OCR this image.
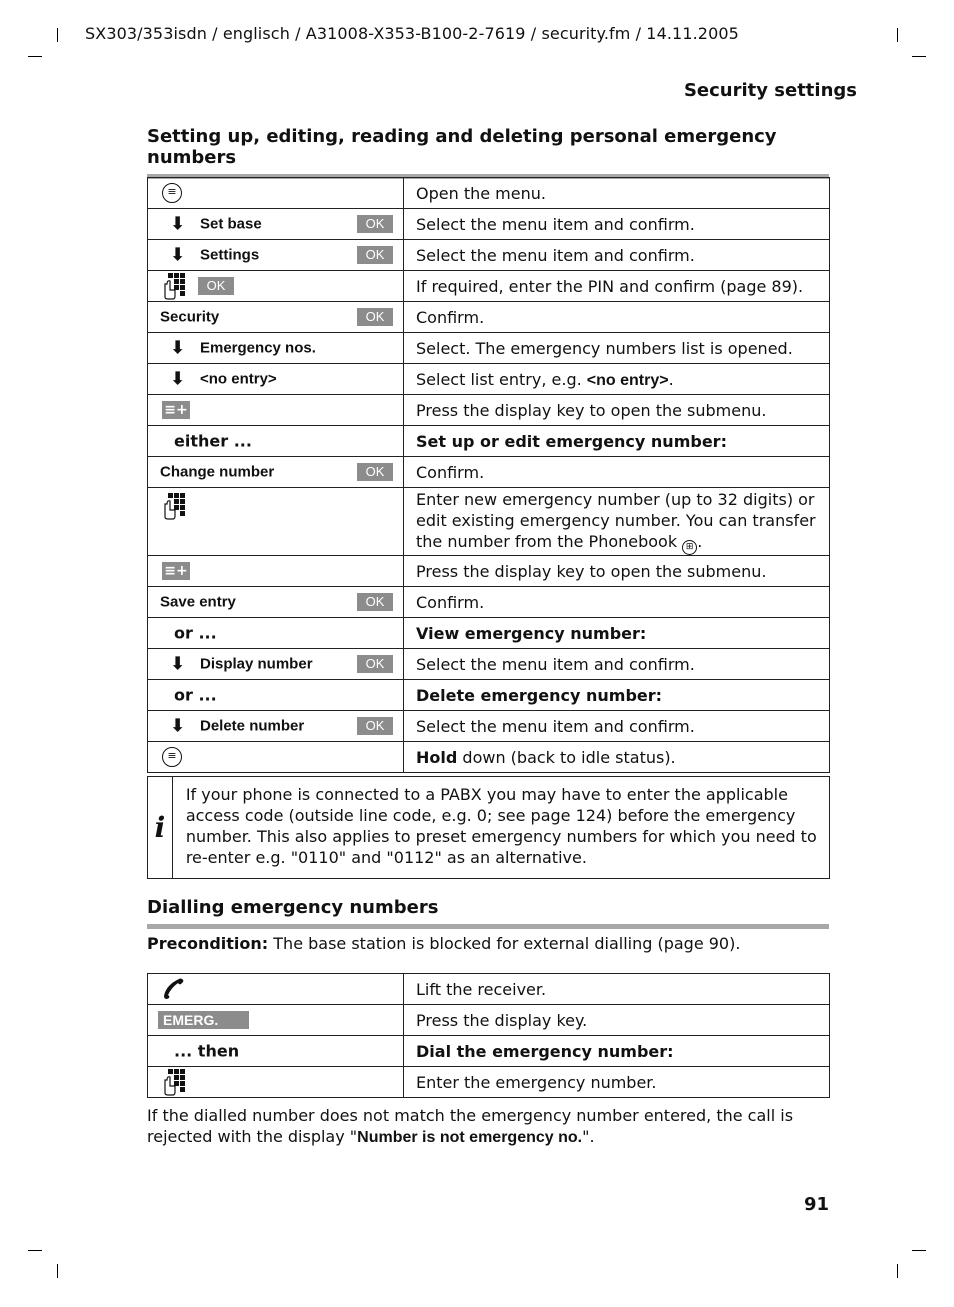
SX303/353isdn / englisch / A31008-X353-B100-2-7619 / security.fm / 14.11.2005
Security settings
Setting up, editing, reading and deleting personal emergency numbers
≡	Open the menu.

⬇ Set base OK	Select the menu item and confirm.

⬇ Settings OK	Select the menu item and confirm.

OK	If required, enter the PIN and confirm (page 89).

Security OK	Confirm.

⬇ Emergency nos.	Select. The emergency numbers list is opened.

⬇ <no entry>	Select list entry, e.g. <no entry>.

≡+	Press the display key to open the submenu.

either ...	Set up or edit emergency number:

Change number OK	Confirm.

	Enter new emergency number (up to 32 digits) or edit existing emergency number. You can transfer the number from the Phonebook ⊞ .

≡+	Press the display key to open the submenu.

Save entry OK	Confirm.

or ...	View emergency number:

⬇ Display number OK	Select the menu item and confirm.

or ...	Delete emergency number:

⬇ Delete number OK	Select the menu item and confirm.

≡	Hold down (back to idle status).
i
If your phone is connected to a PABX you may have to enter the applicable access code (outside line code, e.g. 0; see page 124) before the emergency number. This also applies to preset emergency numbers for which you need to re-enter e.g. "0110" and "0112" as an alternative.
Dialling emergency numbers
Precondition: The base station is blocked for external dialling (page 90).
	Lift the receiver.

EMERG.	Press the display key.

... then	Dial the emergency number:

	Enter the emergency number.
If the dialled number does not match the emergency number entered, the call is rejected with the display "Number is not emergency no.".
91
